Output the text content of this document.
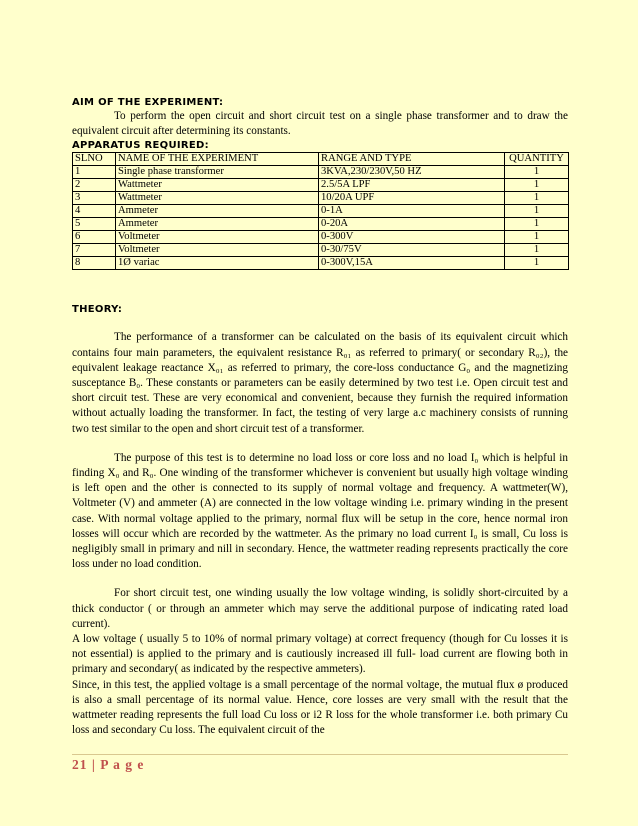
AIM OF THE EXPERIMENT:
To perform the open circuit and short circuit test on a single phase transformer and to draw the equivalent circuit after determining its constants.
APPARATUS REQUIRED:
SLNO	NAME OF THE EXPERIMENT	RANGE AND TYPE	QUANTITY
1	Single phase transformer	3KVA,230/230V,50 HZ	1
2	Wattmeter	2.5/5A LPF	1
3	Wattmeter	10/20A UPF	1
4	Ammeter	0-1A	1
5	Ammeter	0-20A	1
6	Voltmeter	0-300V	1
7	Voltmeter	0-30/75V	1
8	1Ø variac	0-300V,15A	1
THEORY:
The performance of a transformer can be calculated on the basis of its equivalent circuit which contains four main parameters, the equivalent resistance R₀₁ as referred to primary( or secondary R₀₂), the equivalent leakage reactance X₀₁ as referred to primary, the core-loss conductance G₀ and the magnetizing susceptance B₀. These constants or parameters can be easily determined by two test i.e. Open circuit test and short circuit test. These are very economical and convenient, because they furnish the required information without actually loading the transformer. In fact, the testing of very large a.c machinery consists of running two test similar to the open and short circuit test of a transformer.
The purpose of this test is to determine no load loss or core loss and no load I₀ which is helpful in finding X₀ and R₀. One winding of the transformer whichever is convenient but usually high voltage winding is left open and the other is connected to its supply of normal voltage and frequency. A wattmeter(W), Voltmeter (V) and ammeter (A) are connected in the low voltage winding i.e. primary winding in the present case. With normal voltage applied to the primary, normal flux will be setup in the core, hence normal iron losses will occur which are recorded by the wattmeter. As the primary no load current I₀ is small, Cu loss is negligibly small in primary and nill in secondary. Hence, the wattmeter reading represents practically the core loss under no load condition.
For short circuit test, one winding usually the low voltage winding, is solidly short-circuited by a thick conductor ( or through an ammeter which may serve the additional purpose of indicating rated load current).
A low voltage ( usually 5 to 10% of normal primary voltage) at correct frequency (though for Cu losses it is not essential) is applied to the primary and is cautiously increased ill full- load current are flowing both in primary and secondary( as indicated by the respective ammeters).
Since, in this test, the applied voltage is a small percentage of the normal voltage, the mutual flux ø produced is also a small percentage of its normal value. Hence, core losses are very small with the result that the wattmeter reading represents the full load Cu loss or i2 R loss for the whole transformer i.e. both primary Cu loss and secondary Cu loss. The equivalent circuit of the
21 | P a g e
